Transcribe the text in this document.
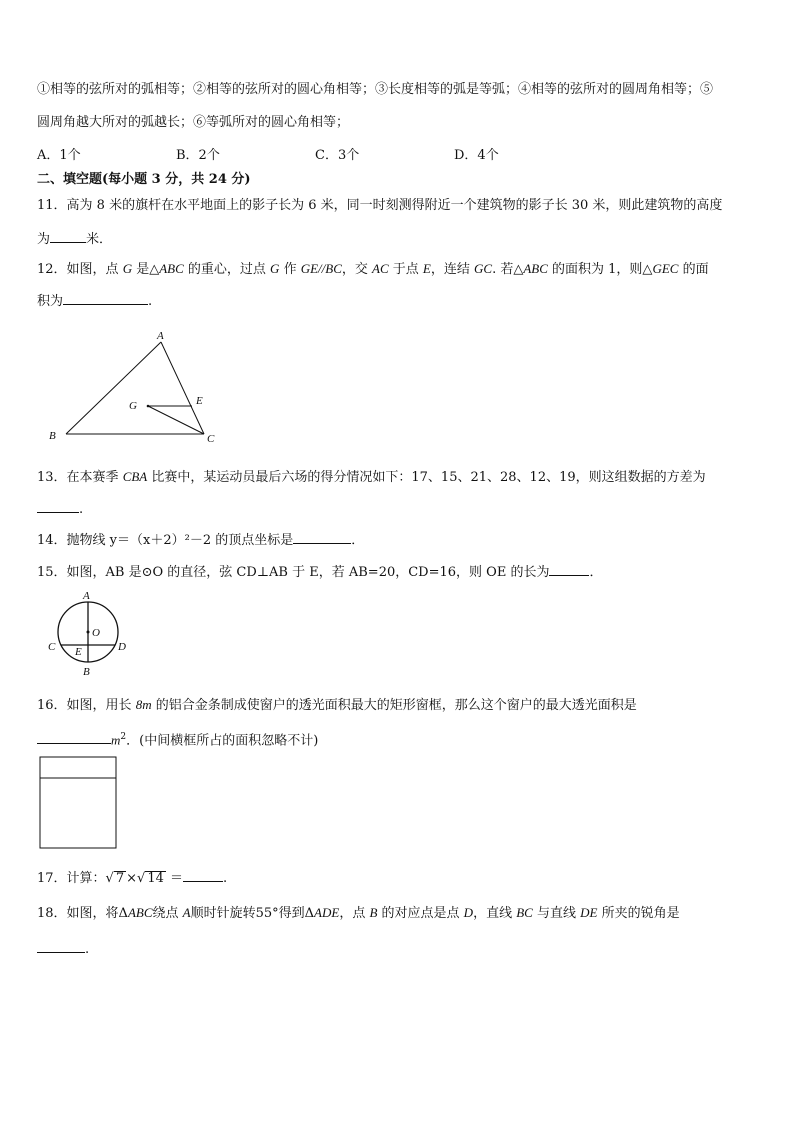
①相等的弦所对的弧相等；②相等的弦所对的圆心角相等；③长度相等的弧是等弧；④相等的弦所对的圆周角相等；⑤
圆周角越大所对的弧越长；⑥等弧所对的圆心角相等；
A．1个	B．2个	C．3个	D．4个
二、填空题(每小题 3 分，共 24 分)
11．高为 8 米的旗杆在水平地面上的影子长为 6 米，同一时刻测得附近一个建筑物的影子长 30 米，则此建筑物的高度
为	米．
12．如图，点 G 是△ABC 的重心，过点 G 作 GE//BC，交 AC 于点 E，连结 GC. 若△ABC 的面积为 1，则△GEC 的面
积为	.
A
B	C
E
G
13．在本赛季 CBA 比赛中，某运动员最后六场的得分情况如下：17、15、21、28、12、19，则这组数据的方差为
.
14．抛物线 y＝（x＋2）²－2 的顶点坐标是	．
15．如图，AB 是⊙O 的直径，弦 CD⊥AB 于 E，若 AB=20，CD=16，则 OE 的长为	．
A
B
C	D
E
O
16．如图，用长 8m 的铝合金条制成使窗户的透光面积最大的矩形窗框，那么这个窗户的最大透光面积是
$m^2$．(中间横框所占的面积忽略不计)
17．计算：√ 7 ×√ 14 ＝	.
18．如图，将ΔABC绕点 A顺时针旋转55°得到ΔADE，点 B 的对应点是点 D，直线 BC 与直线 DE 所夹的锐角是
.
